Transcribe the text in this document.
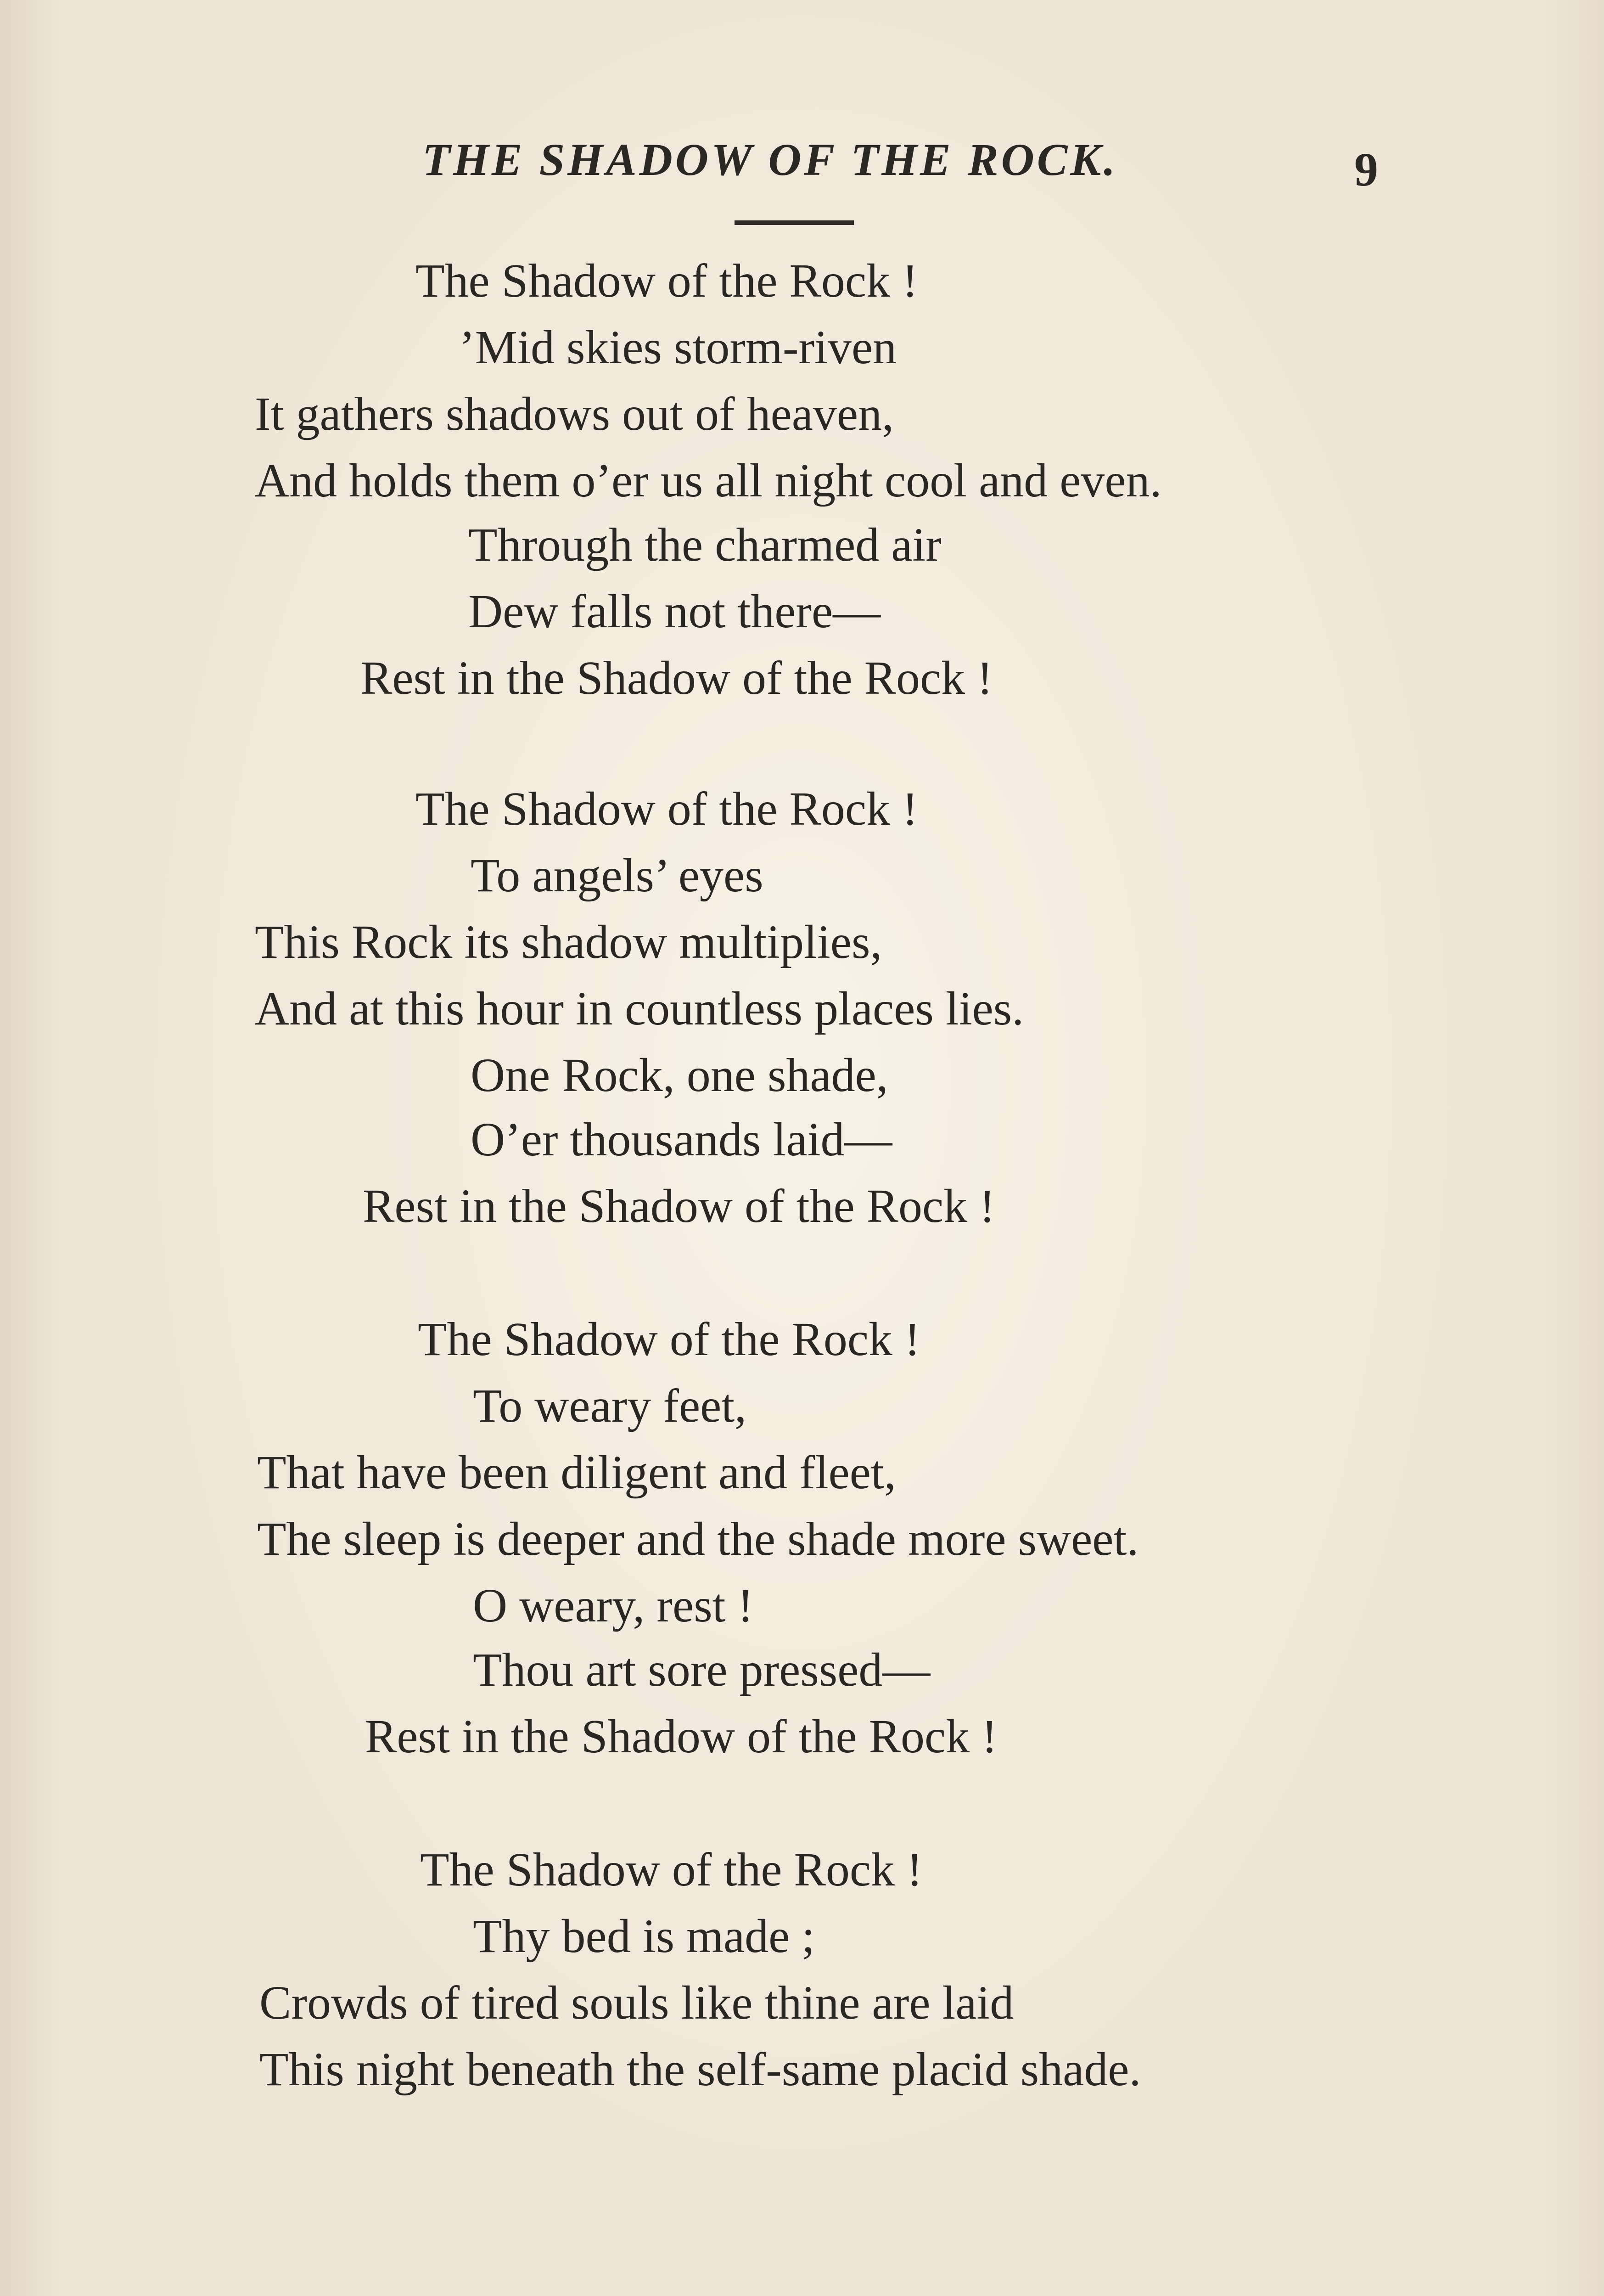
THE SHADOW OF THE ROCK.	9
The Shadow of the Rock !
’Mid skies storm-riven
It gathers shadows out of heaven,
And holds them o’er us all night cool and even.
Through the charmed air
Dew falls not there—
Rest in the Shadow of the Rock !
The Shadow of the Rock !
To angels’ eyes
This Rock its shadow multiplies,
And at this hour in countless places lies.
One Rock, one shade,
O’er thousands laid—
Rest in the Shadow of the Rock !
The Shadow of the Rock !
To weary feet,
That have been diligent and fleet,
The sleep is deeper and the shade more sweet.
O weary, rest !
Thou art sore pressed—
Rest in the Shadow of the Rock !
The Shadow of the Rock !
Thy bed is made ;
Crowds of tired souls like thine are laid
This night beneath the self-same placid shade.
